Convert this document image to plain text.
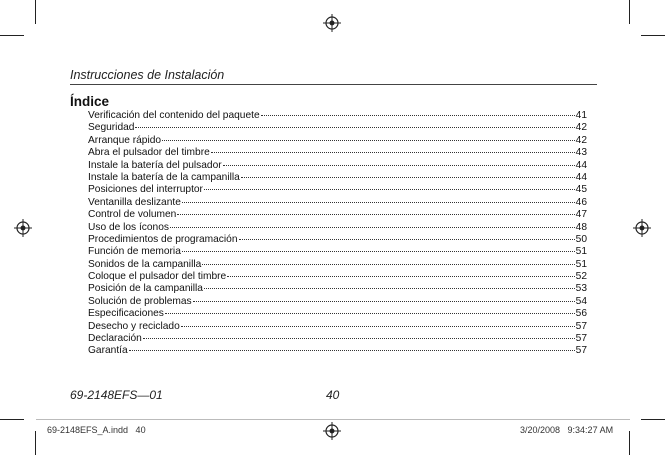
Instrucciones de Instalación
Índice
Verificación del contenido del paquete	41
Seguridad	42
Arranque rápido	42
Abra el pulsador del timbre	43
Instale la batería del pulsador	44
Instale la batería de la campanilla	44
Posiciones del interruptor	45
Ventanilla deslizante	46
Control de volumen	47
Uso de los íconos	48
Procedimientos de programación	50
Función de memoria	51
Sonidos de la campanilla	51
Coloque el pulsador del timbre	52
Posición de la campanilla	53
Solución de problemas	54
Especificaciones	56
Desecho y reciclado	57
Declaración	57
Garantía	57
69-2148EFS—01	40
69-2148EFS_A.indd   40	3/20/2008   9:34:27 AM
